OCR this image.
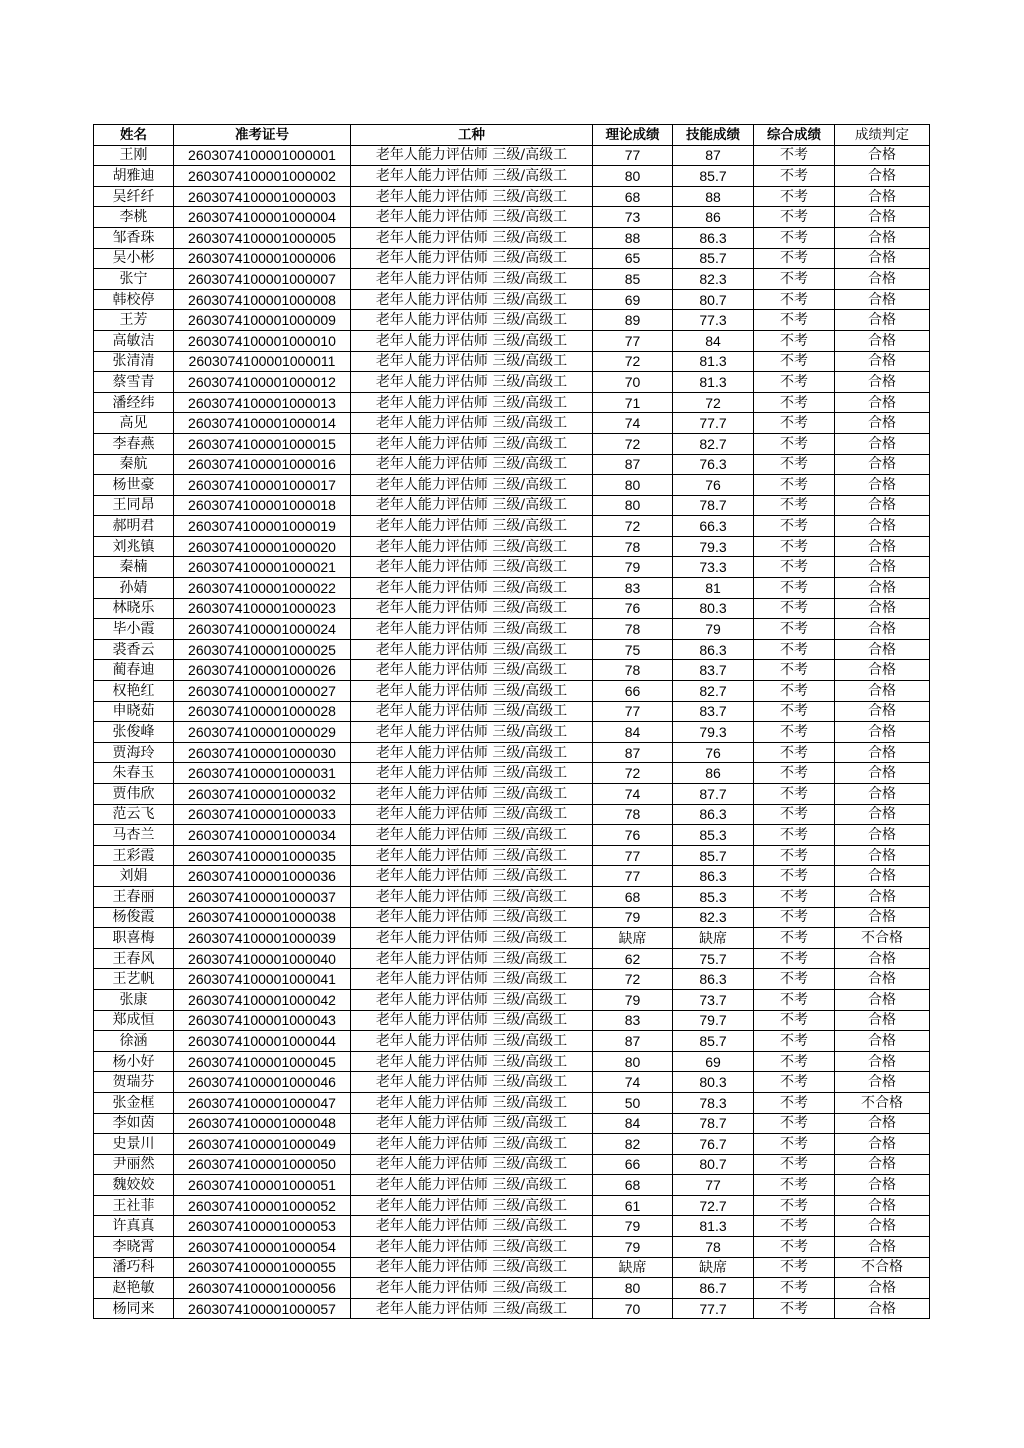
姓名	准考证号	工种	理论成绩	技能成绩	综合成绩	成绩判定
王刚	2603074100001000001	老年人能力评估师 三级/高级工	77	87	不考	合格
胡雅迪	2603074100001000002	老年人能力评估师 三级/高级工	80	85.7	不考	合格
吴纤纤	2603074100001000003	老年人能力评估师 三级/高级工	68	88	不考	合格
李桃	2603074100001000004	老年人能力评估师 三级/高级工	73	86	不考	合格
邹香珠	2603074100001000005	老年人能力评估师 三级/高级工	88	86.3	不考	合格
吴小彬	2603074100001000006	老年人能力评估师 三级/高级工	65	85.7	不考	合格
张宁	2603074100001000007	老年人能力评估师 三级/高级工	85	82.3	不考	合格
韩校停	2603074100001000008	老年人能力评估师 三级/高级工	69	80.7	不考	合格
王芳	2603074100001000009	老年人能力评估师 三级/高级工	89	77.3	不考	合格
高敏洁	2603074100001000010	老年人能力评估师 三级/高级工	77	84	不考	合格
张清清	2603074100001000011	老年人能力评估师 三级/高级工	72	81.3	不考	合格
蔡雪青	2603074100001000012	老年人能力评估师 三级/高级工	70	81.3	不考	合格
潘经纬	2603074100001000013	老年人能力评估师 三级/高级工	71	72	不考	合格
高见	2603074100001000014	老年人能力评估师 三级/高级工	74	77.7	不考	合格
李春燕	2603074100001000015	老年人能力评估师 三级/高级工	72	82.7	不考	合格
秦航	2603074100001000016	老年人能力评估师 三级/高级工	87	76.3	不考	合格
杨世豪	2603074100001000017	老年人能力评估师 三级/高级工	80	76	不考	合格
王同昂	2603074100001000018	老年人能力评估师 三级/高级工	80	78.7	不考	合格
郝明君	2603074100001000019	老年人能力评估师 三级/高级工	72	66.3	不考	合格
刘兆镇	2603074100001000020	老年人能力评估师 三级/高级工	78	79.3	不考	合格
秦楠	2603074100001000021	老年人能力评估师 三级/高级工	79	73.3	不考	合格
孙婧	2603074100001000022	老年人能力评估师 三级/高级工	83	81	不考	合格
林晓乐	2603074100001000023	老年人能力评估师 三级/高级工	76	80.3	不考	合格
毕小霞	2603074100001000024	老年人能力评估师 三级/高级工	78	79	不考	合格
裘香云	2603074100001000025	老年人能力评估师 三级/高级工	75	86.3	不考	合格
蔺春迪	2603074100001000026	老年人能力评估师 三级/高级工	78	83.7	不考	合格
权艳红	2603074100001000027	老年人能力评估师 三级/高级工	66	82.7	不考	合格
申晓茹	2603074100001000028	老年人能力评估师 三级/高级工	77	83.7	不考	合格
张俊峰	2603074100001000029	老年人能力评估师 三级/高级工	84	79.3	不考	合格
贾海玲	2603074100001000030	老年人能力评估师 三级/高级工	87	76	不考	合格
朱春玉	2603074100001000031	老年人能力评估师 三级/高级工	72	86	不考	合格
贾伟欣	2603074100001000032	老年人能力评估师 三级/高级工	74	87.7	不考	合格
范云飞	2603074100001000033	老年人能力评估师 三级/高级工	78	86.3	不考	合格
马杏兰	2603074100001000034	老年人能力评估师 三级/高级工	76	85.3	不考	合格
王彩霞	2603074100001000035	老年人能力评估师 三级/高级工	77	85.7	不考	合格
刘娟	2603074100001000036	老年人能力评估师 三级/高级工	77	86.3	不考	合格
王春丽	2603074100001000037	老年人能力评估师 三级/高级工	68	85.3	不考	合格
杨俊霞	2603074100001000038	老年人能力评估师 三级/高级工	79	82.3	不考	合格
职喜梅	2603074100001000039	老年人能力评估师 三级/高级工	缺席	缺席	不考	不合格
王春风	2603074100001000040	老年人能力评估师 三级/高级工	62	75.7	不考	合格
王艺帆	2603074100001000041	老年人能力评估师 三级/高级工	72	86.3	不考	合格
张康	2603074100001000042	老年人能力评估师 三级/高级工	79	73.7	不考	合格
郑成恒	2603074100001000043	老年人能力评估师 三级/高级工	83	79.7	不考	合格
徐涵	2603074100001000044	老年人能力评估师 三级/高级工	87	85.7	不考	合格
杨小好	2603074100001000045	老年人能力评估师 三级/高级工	80	69	不考	合格
贺瑞芬	2603074100001000046	老年人能力评估师 三级/高级工	74	80.3	不考	合格
张金框	2603074100001000047	老年人能力评估师 三级/高级工	50	78.3	不考	不合格
李如茵	2603074100001000048	老年人能力评估师 三级/高级工	84	78.7	不考	合格
史景川	2603074100001000049	老年人能力评估师 三级/高级工	82	76.7	不考	合格
尹丽然	2603074100001000050	老年人能力评估师 三级/高级工	66	80.7	不考	合格
魏姣姣	2603074100001000051	老年人能力评估师 三级/高级工	68	77	不考	合格
王社菲	2603074100001000052	老年人能力评估师 三级/高级工	61	72.7	不考	合格
许真真	2603074100001000053	老年人能力评估师 三级/高级工	79	81.3	不考	合格
李晓霄	2603074100001000054	老年人能力评估师 三级/高级工	79	78	不考	合格
潘巧科	2603074100001000055	老年人能力评估师 三级/高级工	缺席	缺席	不考	不合格
赵艳敏	2603074100001000056	老年人能力评估师 三级/高级工	80	86.7	不考	合格
杨同来	2603074100001000057	老年人能力评估师 三级/高级工	70	77.7	不考	合格
